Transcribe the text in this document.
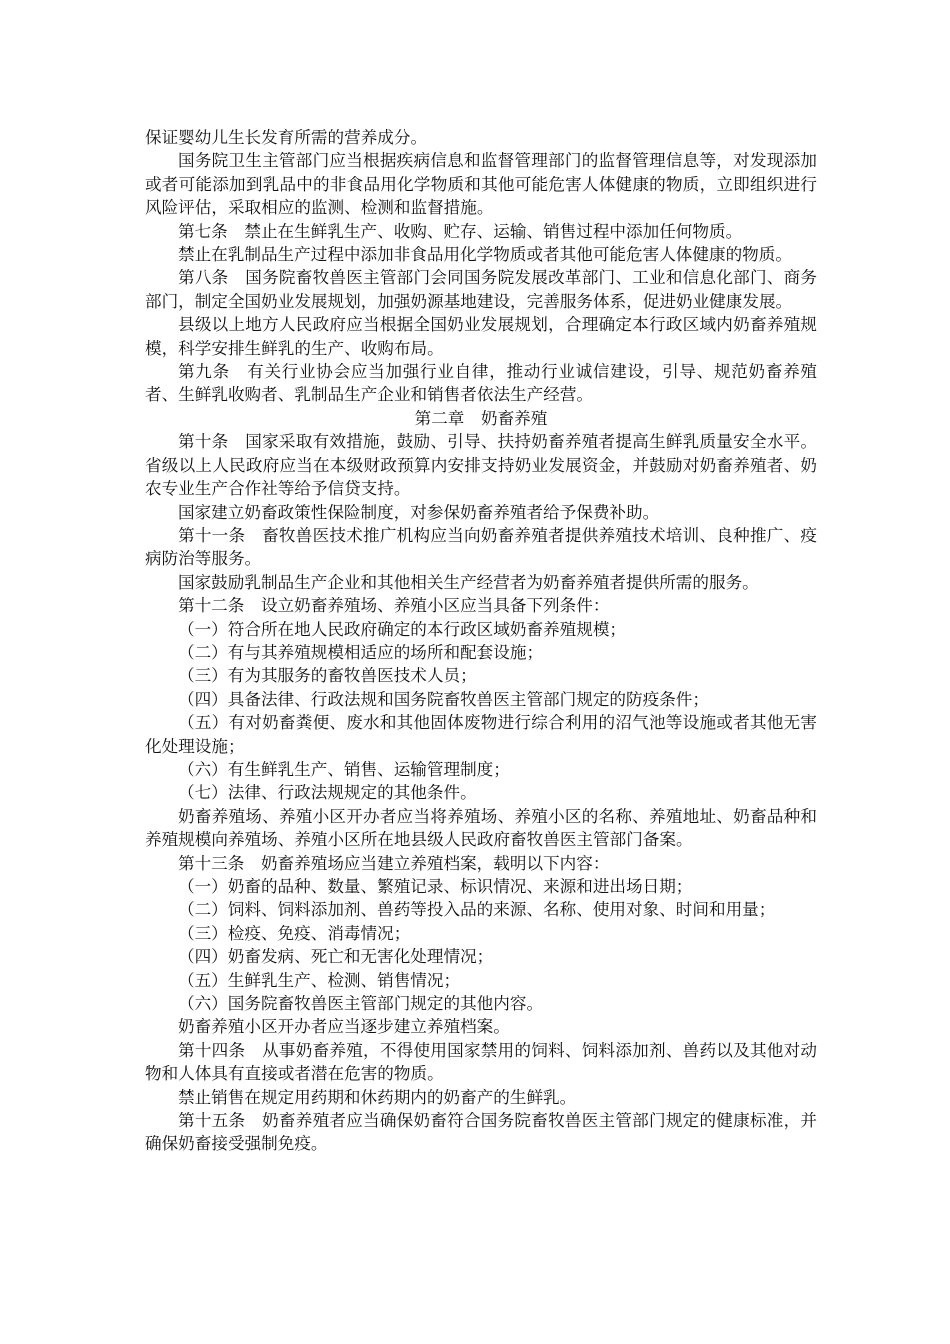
保证婴幼儿生长发育所需的营养成分。

国务院卫生主管部门应当根据疾病信息和监督管理部门的监督管理信息等，对发现添加或者可能添加到乳品中的非食品用化学物质和其他可能危害人体健康的物质，立即组织进行风险评估，采取相应的监测、检测和监督措施。

第七条　禁止在生鲜乳生产、收购、贮存、运输、销售过程中添加任何物质。

禁止在乳制品生产过程中添加非食品用化学物质或者其他可能危害人体健康的物质。

第八条　国务院畜牧兽医主管部门会同国务院发展改革部门、工业和信息化部门、商务部门，制定全国奶业发展规划，加强奶源基地建设，完善服务体系，促进奶业健康发展。

县级以上地方人民政府应当根据全国奶业发展规划，合理确定本行政区域内奶畜养殖规模，科学安排生鲜乳的生产、收购布局。

第九条　有关行业协会应当加强行业自律，推动行业诚信建设，引导、规范奶畜养殖者、生鲜乳收购者、乳制品生产企业和销售者依法生产经营。

第二章　奶畜养殖

第十条　国家采取有效措施，鼓励、引导、扶持奶畜养殖者提高生鲜乳质量安全水平。省级以上人民政府应当在本级财政预算内安排支持奶业发展资金，并鼓励对奶畜养殖者、奶农专业生产合作社等给予信贷支持。

国家建立奶畜政策性保险制度，对参保奶畜养殖者给予保费补助。

第十一条　畜牧兽医技术推广机构应当向奶畜养殖者提供养殖技术培训、良种推广、疫病防治等服务。

国家鼓励乳制品生产企业和其他相关生产经营者为奶畜养殖者提供所需的服务。

第十二条　设立奶畜养殖场、养殖小区应当具备下列条件：

（一）符合所在地人民政府确定的本行政区域奶畜养殖规模；

（二）有与其养殖规模相适应的场所和配套设施；

（三）有为其服务的畜牧兽医技术人员；

（四）具备法律、行政法规和国务院畜牧兽医主管部门规定的防疫条件；

（五）有对奶畜粪便、废水和其他固体废物进行综合利用的沼气池等设施或者其他无害化处理设施；

（六）有生鲜乳生产、销售、运输管理制度；

（七）法律、行政法规规定的其他条件。

奶畜养殖场、养殖小区开办者应当将养殖场、养殖小区的名称、养殖地址、奶畜品种和养殖规模向养殖场、养殖小区所在地县级人民政府畜牧兽医主管部门备案。

第十三条　奶畜养殖场应当建立养殖档案，载明以下内容：

（一）奶畜的品种、数量、繁殖记录、标识情况、来源和进出场日期；

（二）饲料、饲料添加剂、兽药等投入品的来源、名称、使用对象、时间和用量；

（三）检疫、免疫、消毒情况；

（四）奶畜发病、死亡和无害化处理情况；

（五）生鲜乳生产、检测、销售情况；

（六）国务院畜牧兽医主管部门规定的其他内容。

奶畜养殖小区开办者应当逐步建立养殖档案。

第十四条　从事奶畜养殖，不得使用国家禁用的饲料、饲料添加剂、兽药以及其他对动物和人体具有直接或者潜在危害的物质。

禁止销售在规定用药期和休药期内的奶畜产的生鲜乳。

第十五条　奶畜养殖者应当确保奶畜符合国务院畜牧兽医主管部门规定的健康标准，并确保奶畜接受强制免疫。
